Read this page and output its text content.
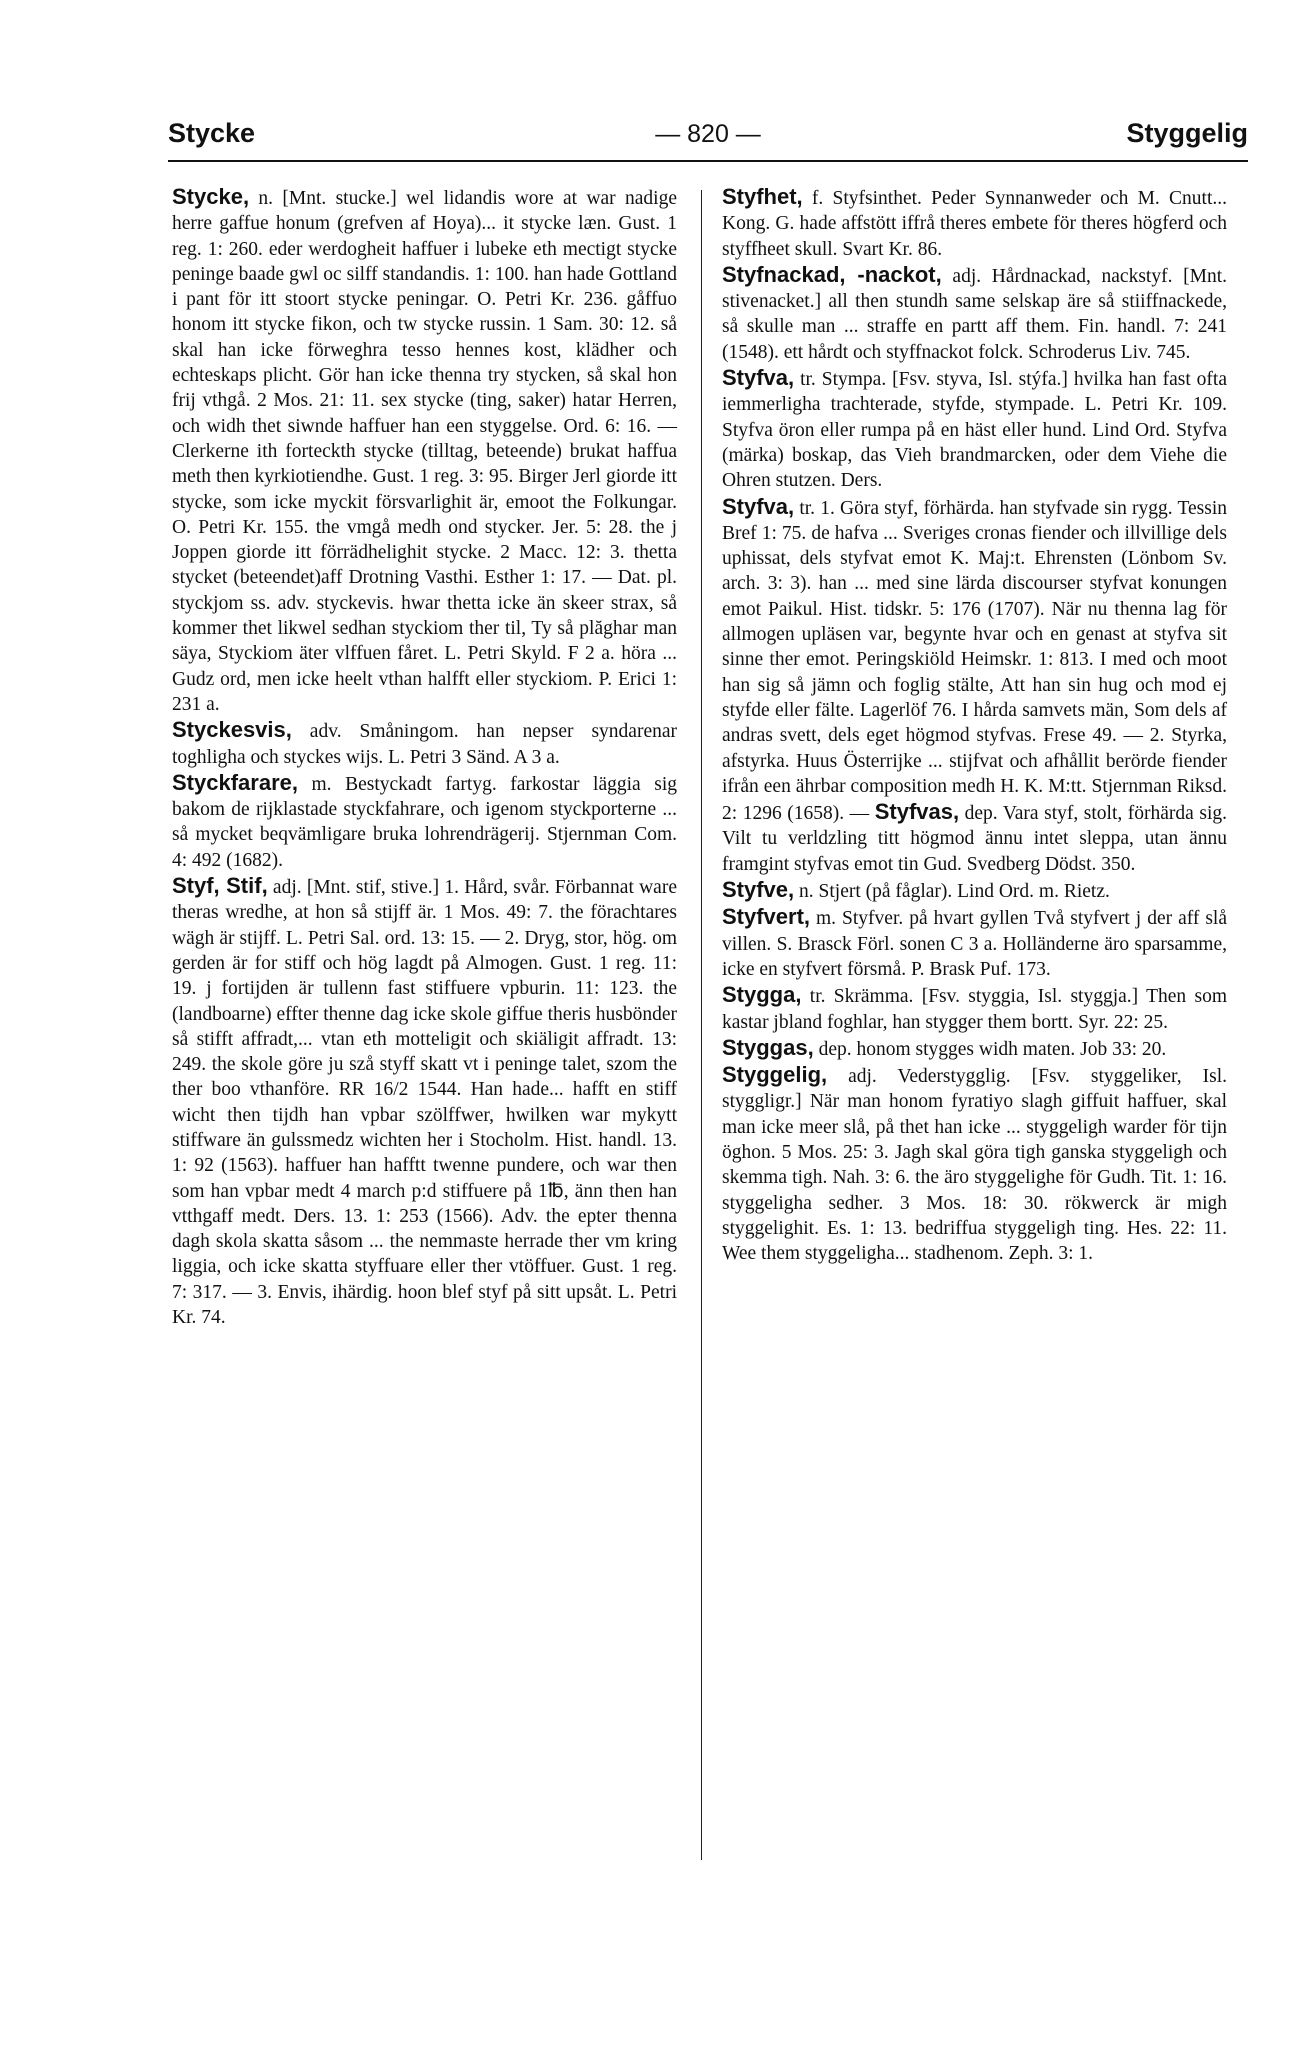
Stycke	— 820 —	Styggelig

Stycke, n. [Mnt. stucke.] wel lidandis wore at war nadige herre gaffue honum (grefven af Hoya)... it stycke læn. Gust. 1 reg. 1: 260. eder werdogheit haffuer i lubeke eth mectigt stycke peninge baade gwl oc silff standandis. 1: 100. han hade Gottland i pant för itt stoort stycke peningar. O. Petri Kr. 236. gåffuo honom itt stycke fikon, och tw stycke russin. 1 Sam. 30: 12. så skal han icke förweghra tesso hennes kost, klädher och echteskaps plicht. Gör han icke thenna try stycken, så skal hon frij vthgå. 2 Mos. 21: 11. sex stycke (ting, saker) hatar Herren, och widh thet siwnde haffuer han een styggelse. Ord. 6: 16. — Clerkerne ith forteckth stycke (tilltag, beteende) brukat haffua meth then kyrkiotiendhe. Gust. 1 reg. 3: 95. Birger Jerl giorde itt stycke, som icke myckit försvarlighit är, emoot the Folkungar. O. Petri Kr. 155. the vmgå medh ond stycker. Jer. 5: 28. the j Joppen giorde itt förrädhelighit stycke. 2 Macc. 12: 3. thetta stycket (beteendet)aff Drotning Vasthi. Esther 1: 17. — Dat. pl. styckjom ss. adv. styckevis. hwar thetta icke än skeer strax, så kommer thet likwel sedhan styckiom ther til, Ty så plăghar man säya, Styckiom äter vlffuen fåret. L. Petri Skyld. F 2 a. höra ... Gudz ord, men icke heelt vthan halfft eller styckiom. P. Erici 1: 231 a.

Styckesvis, adv. Småningom. han nepser syndarenar toghligha och styckes wijs. L. Petri 3 Sänd. A 3 a.

Styckfarare, m. Bestyckadt fartyg. farkostar läggia sig bakom de rijklastade styckfahrare, och igenom styckporterne ... så mycket beqvämligare bruka lohrendrägerij. Stjernman Com. 4: 492 (1682).

Styf, Stif, adj. [Mnt. stif, stive.] 1. Hård, svår. Förbannat ware theras wredhe, at hon så stijff är. 1 Mos. 49: 7. the förachtares wägh är stijff. L. Petri Sal. ord. 13: 15. — 2. Dryg, stor, hög. om gerden är for stiff och hög lagdt på Almogen. Gust. 1 reg. 11: 19. j fortijden är tullenn fast stiffuere vpburin. 11: 123. the (landboarne) effter thenne dag icke skole giffue theris husbönder så stifft affradt,... vtan eth motteligit och skiäligit affradt. 13: 249. the skole göre ju szå styff skatt vt i peninge talet, szom the ther boo vthanföre. RR 16/2 1544. Han hade... hafft en stiff wicht then tijdh han vpbar szölffwer, hwilken war mykytt stiffware än gulssmedz wichten her i Stocholm. Hist. handl. 13. 1: 92 (1563). haffuer han hafftt twenne pundere, och war then som han vpbar medt 4 march p:d stiffuere på 1℔, änn then han vtthgaff medt. Ders. 13. 1: 253 (1566). Adv. the epter thenna dagh skola skatta såsom ... the nemmaste herrade ther vm kring liggia, och icke skatta styffuare eller ther vtöffuer. Gust. 1 reg. 7: 317. — 3. Envis, ihärdig. hoon blef styf på sitt upsåt. L. Petri Kr. 74.

Styfhet, f. Styfsinthet. Peder Synnanweder och M. Cnutt... Kong. G. hade affstött iffrå theres embete för theres högferd och styffheet skull. Svart Kr. 86.

Styfnackad, -nackot, adj. Hårdnackad, nackstyf. [Mnt. stivenacket.] all then stundh same selskap äre så stiiffnackede, så skulle man ... straffe en partt aff them. Fin. handl. 7: 241 (1548). ett hårdt och styffnackot folck. Schroderus Liv. 745.

Styfva, tr. Stympa. [Fsv. styva, Isl. stýfa.] hvilka han fast ofta iemmerligha trachterade, styfde, stympade. L. Petri Kr. 109. Styfva öron eller rumpa på en häst eller hund. Lind Ord. Styfva (märka) boskap, das Vieh brandmarcken, oder dem Viehe die Ohren stutzen. Ders.

Styfva, tr. 1. Göra styf, förhärda. han styfvade sin rygg. Tessin Bref 1: 75. de hafva ... Sveriges cronas fiender och illvillige dels uphissat, dels styfvat emot K. Maj:t. Ehrensten (Lönbom Sv. arch. 3: 3). han ... med sine lärda discourser styfvat konungen emot Paikul. Hist. tidskr. 5: 176 (1707). När nu thenna lag för allmogen upläsen var, begynte hvar och en genast at styfva sit sinne ther emot. Peringskiöld Heimskr. 1: 813. I med och moot han sig så jämn och foglig stälte, Att han sin hug och mod ej styfde eller fälte. Lagerlöf 76. I hårda samvets män, Som dels af andras svett, dels eget högmod styfvas. Frese 49. — 2. Styrka, afstyrka. Huus Österrijke ... stijfvat och afhållit berörde fiender ifrån een ährbar composition medh H. K. M:tt. Stjernman Riksd. 2: 1296 (1658). — Styfvas, dep. Vara styf, stolt, förhärda sig. Vilt tu verldzling titt högmod ännu intet sleppa, utan ännu framgint styfvas emot tin Gud. Svedberg Dödst. 350.

Styfve, n. Stjert (på fåglar). Lind Ord. m. Rietz.

Styfvert, m. Styfver. på hvart gyllen Två styfvert j der aff slå villen. S. Brasck Förl. sonen C 3 a. Holländerne äro sparsamme, icke en styfvert försmå. P. Brask Puf. 173.

Stygga, tr. Skrämma. [Fsv. styggia, Isl. styggja.] Then som kastar jbland foghlar, han stygger them bortt. Syr. 22: 25.

Styggas, dep. honom stygges widh maten. Job 33: 20.

Styggelig, adj. Vederstygglig. [Fsv. styggeliker, Isl. styggligr.] När man honom fyratiyo slagh giffuit haffuer, skal man icke meer slå, på thet han icke ... styggeligh warder för tijn öghon. 5 Mos. 25: 3. Jagh skal göra tigh ganska styggeligh och skemma tigh. Nah. 3: 6. the äro styggelighe för Gudh. Tit. 1: 16. styggeligha sedher. 3 Mos. 18: 30. rökwerck är migh styggelighit. Es. 1: 13. bedriffua styggeligh ting. Hes. 22: 11. Wee them styggeligha... stadhenom. Zeph. 3: 1.
